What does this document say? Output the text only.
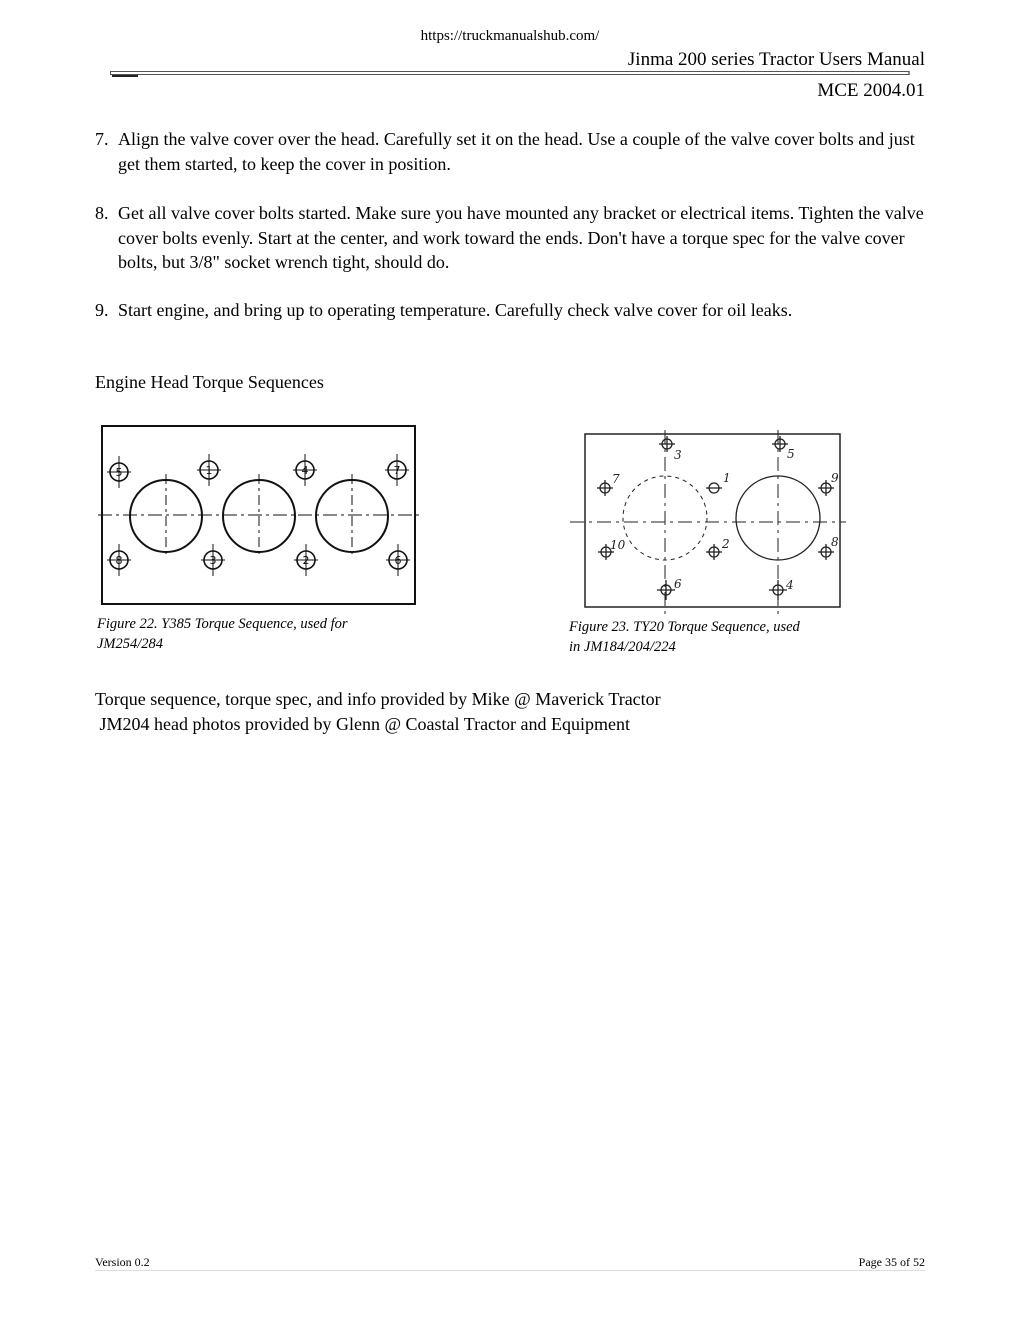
https://truckmanualshub.com/
Jinma 200 series Tractor Users Manual
MCE 2004.01
7. Align the valve cover over the head. Carefully set it on the head. Use a couple of the valve cover bolts and just get them started, to keep the cover in position.
8. Get all valve cover bolts started. Make sure you have mounted any bracket or electrical items. Tighten the valve cover bolts evenly. Start at the center, and work toward the ends. Don't have a torque spec for the valve cover bolts, but 3/8" socket wrench tight, should do.
9. Start engine, and bring up to operating temperature. Carefully check valve cover for oil leaks.
Engine Head Torque Sequences
5	1	4	7
8	3	2	6
Figure 22. Y385 Torque Sequence, used for
JM254/284
3	5
7	1	9
10	2	8
6	4
Figure 23. TY20 Torque Sequence, used
in JM184/204/224
Torque sequence, torque spec, and info provided by Mike @ Maverick Tractor
JM204 head photos provided by Glenn @ Coastal Tractor and Equipment
Version 0.2	Page 35 of 52
